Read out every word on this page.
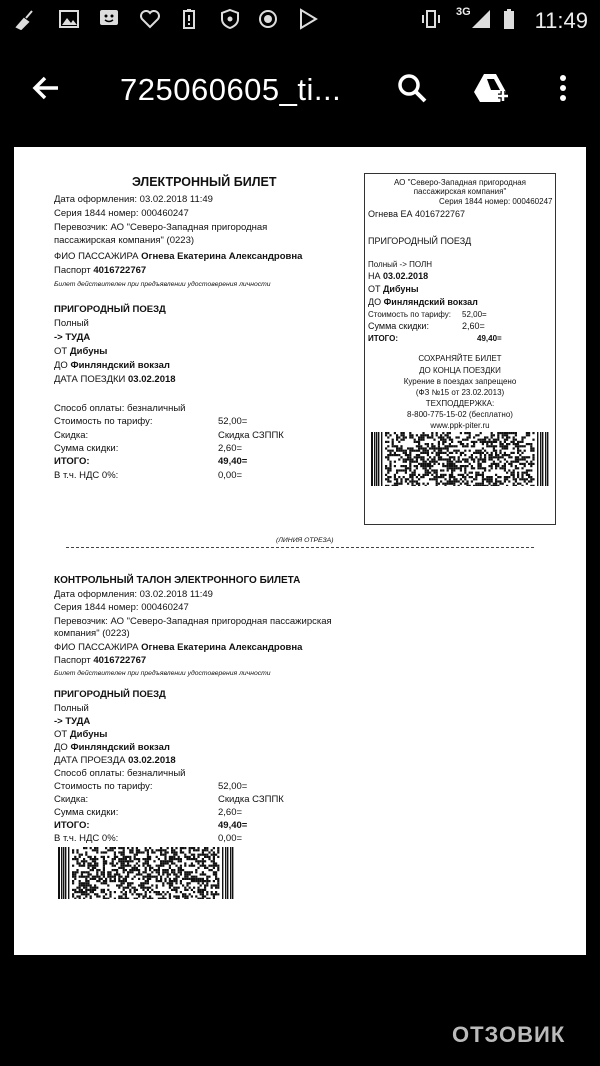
3G	11:49
725060605_ti...
ЭЛЕКТРОННЫЙ БИЛЕТ
Дата оформления: 03.02.2018 11:49
Серия 1844 номер: 000460247
Перевозчик: АО "Северо-Западная пригородная
пассажирская компания" (0223)
ФИО ПАССАЖИРА Огнева Екатерина Александровна
Паспорт 4016722767
Билет действителен при предъявлении удостоверения личности
ПРИГОРОДНЫЙ ПОЕЗД
Полный
-> ТУДА
ОТ Дибуны
ДО Финляндский вокзал
ДАТА ПОЕЗДКИ 03.02.2018
Способ оплаты: безналичный
Стоимость по тарифу:	52,00=
Скидка:	Скидка СЗППК
Сумма скидки:	2,60=
ИТОГО:	49,40=
В т.ч. НДС 0%:	0,00=
АО "Северо-Западная пригородная
пассажирская компания"
Серия 1844 номер: 000460247
Огнева ЕА 4016722767
ПРИГОРОДНЫЙ ПОЕЗД
Полный -> ПОЛН
НА 03.02.2018
ОТ Дибуны
ДО Финляндский вокзал
Стоимость по тарифу: 52,00=
Сумма скидки:	2,60=
ИТОГО:	49,40=
СОХРАНЯЙТЕ БИЛЕТ
ДО КОНЦА ПОЕЗДКИ
Курение в поездах запрещено
(ФЗ №15 от 23.02.2013)
ТЕХПОДДЕРЖКА:
8-800-775-15-02 (бесплатно)
www.ppk-piter.ru
(ЛИНИЯ ОТРЕЗА)
КОНТРОЛЬНЫЙ ТАЛОН ЭЛЕКТРОННОГО БИЛЕТА
Дата оформления: 03.02.2018 11:49
Серия 1844 номер: 000460247
Перевозчик: АО "Северо-Западная пригородная пассажирская
компания" (0223)
ФИО ПАССАЖИРА Огнева Екатерина Александровна
Паспорт 4016722767
Билет действителен при предъявлении удостоверения личности
ПРИГОРОДНЫЙ ПОЕЗД
Полный
-> ТУДА
ОТ Дибуны
ДО Финляндский вокзал
ДАТА ПРОЕЗДА 03.02.2018
Способ оплаты: безналичный
Стоимость по тарифу:	52,00=
Скидка:	Скидка СЗППК
Сумма скидки:	2,60=
ИТОГО:	49,40=
В т.ч. НДС 0%:	0,00=
ОТЗОВИК
